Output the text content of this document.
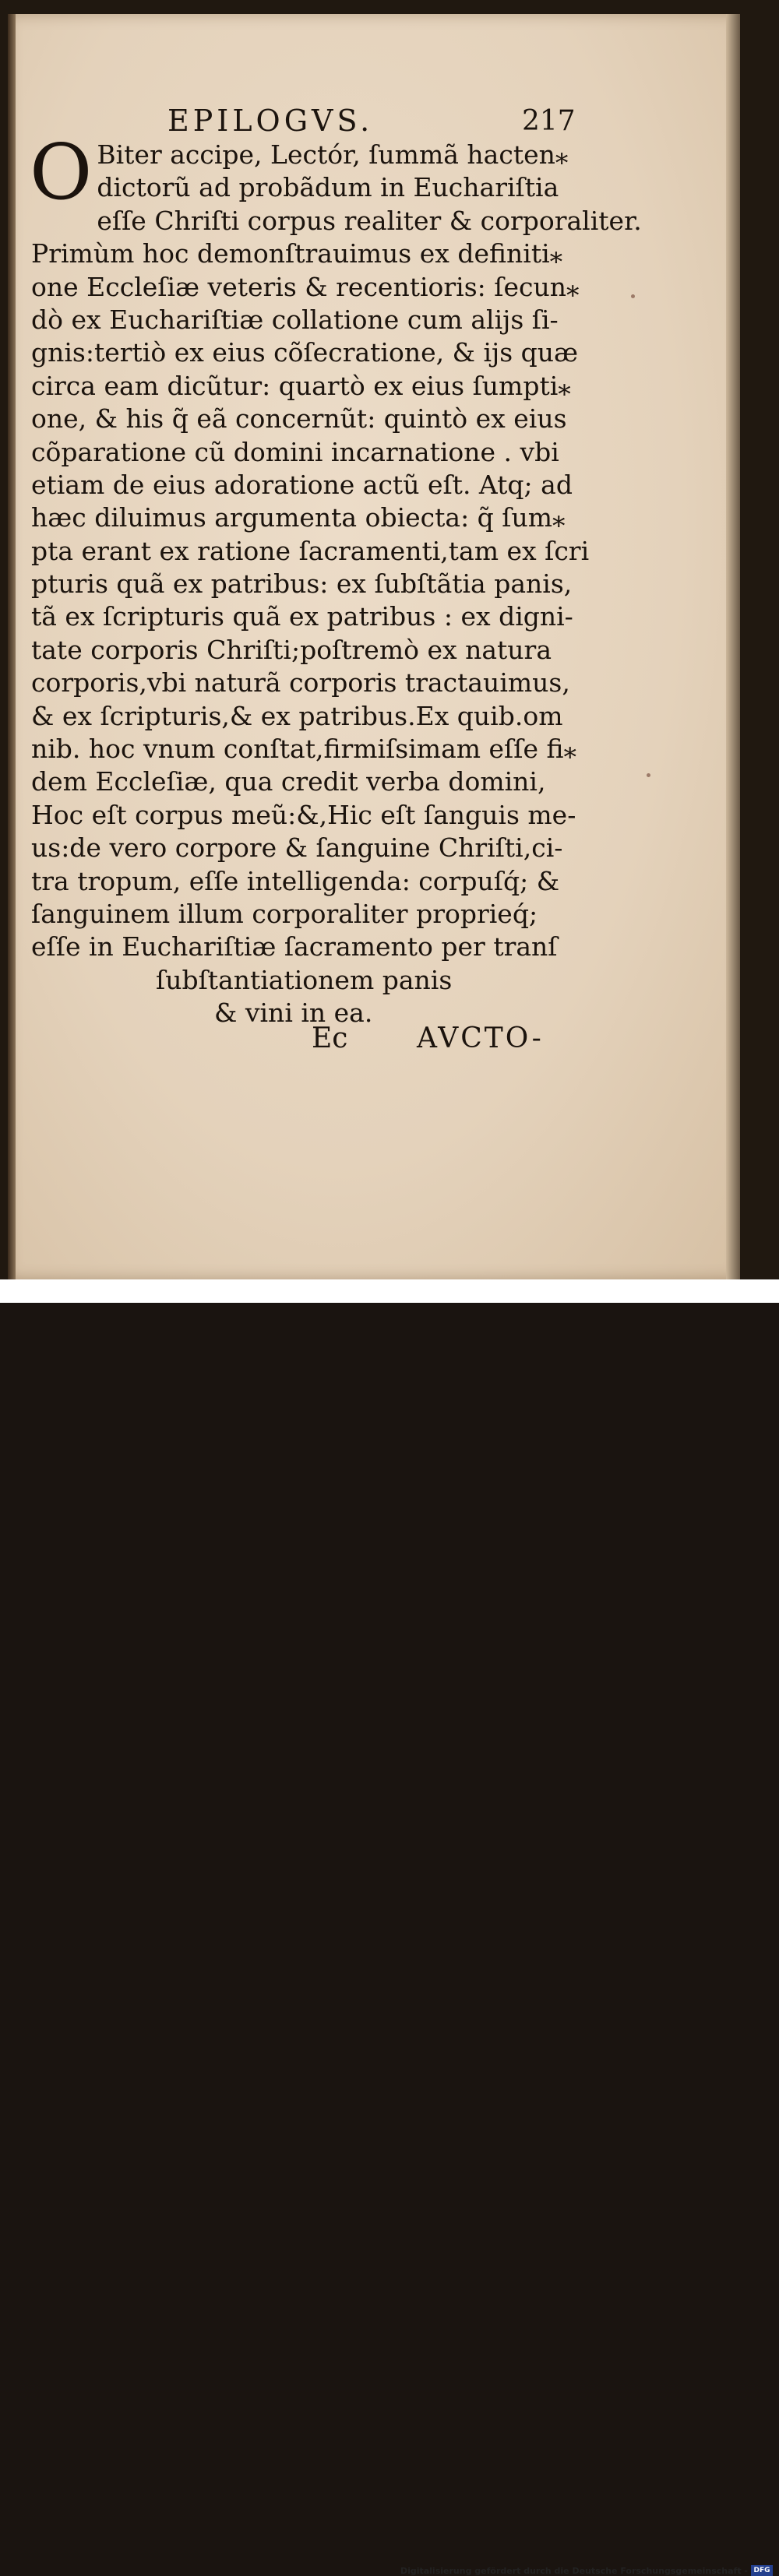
EPILOGVS.	217
O Biter accipe, Lectór, ſummã hacten⁎
dictorũ ad probãdum in Euchariſtia
eſſe Chriſti corpus realiter & corporaliter.
Primùm hoc demonſtrauimus ex definiti⁎
one Eccleſiæ veteris & recentioris: ſecun⁎
dò ex Euchariſtiæ collatione cum alijs ſi-
gnis:tertiò ex eius cõſecratione, & ijs quæ
circa eam dicũtur: quartò ex eius ſumpti⁎
one, & his q̃ eã concernũt: quintò ex eius
cõparatione cũ domini incarnatione . vbi
etiam de eius adoratione actũ eſt. Atq; ad
hæc diluimus argumenta obiecta: q̃ ſum⁎
pta erant ex ratione ſacramenti,tam ex ſcri
pturis quã ex patribus: ex ſubſtãtia panis,
tã ex ſcripturis quã ex patribus : ex digni-
tate corporis Chriſti;poſtremò ex natura
corporis,vbi naturã corporis tractauimus,
& ex ſcripturis,& ex patribus.Ex quib.om
nib. hoc vnum conſtat,firmiſsimam eſſe fi⁎
dem Eccleſiæ, qua credit verba domini,
Hoc eſt corpus meũ:&,Hic eſt ſanguis me-
us:de vero corpore & ſanguine Chriſti,ci-
tra tropum, eſſe intelligenda: corpuſq́; &
ſanguinem illum corporaliter proprieq́;
eſſe in Euchariſtiæ ſacramento per tranſ
ſubſtantiationem panis
& vini in ea.
Ec AVCTO-
Digitalisierung gefördert durch die Deutsche Forschungsgemeinschaft - DFG
